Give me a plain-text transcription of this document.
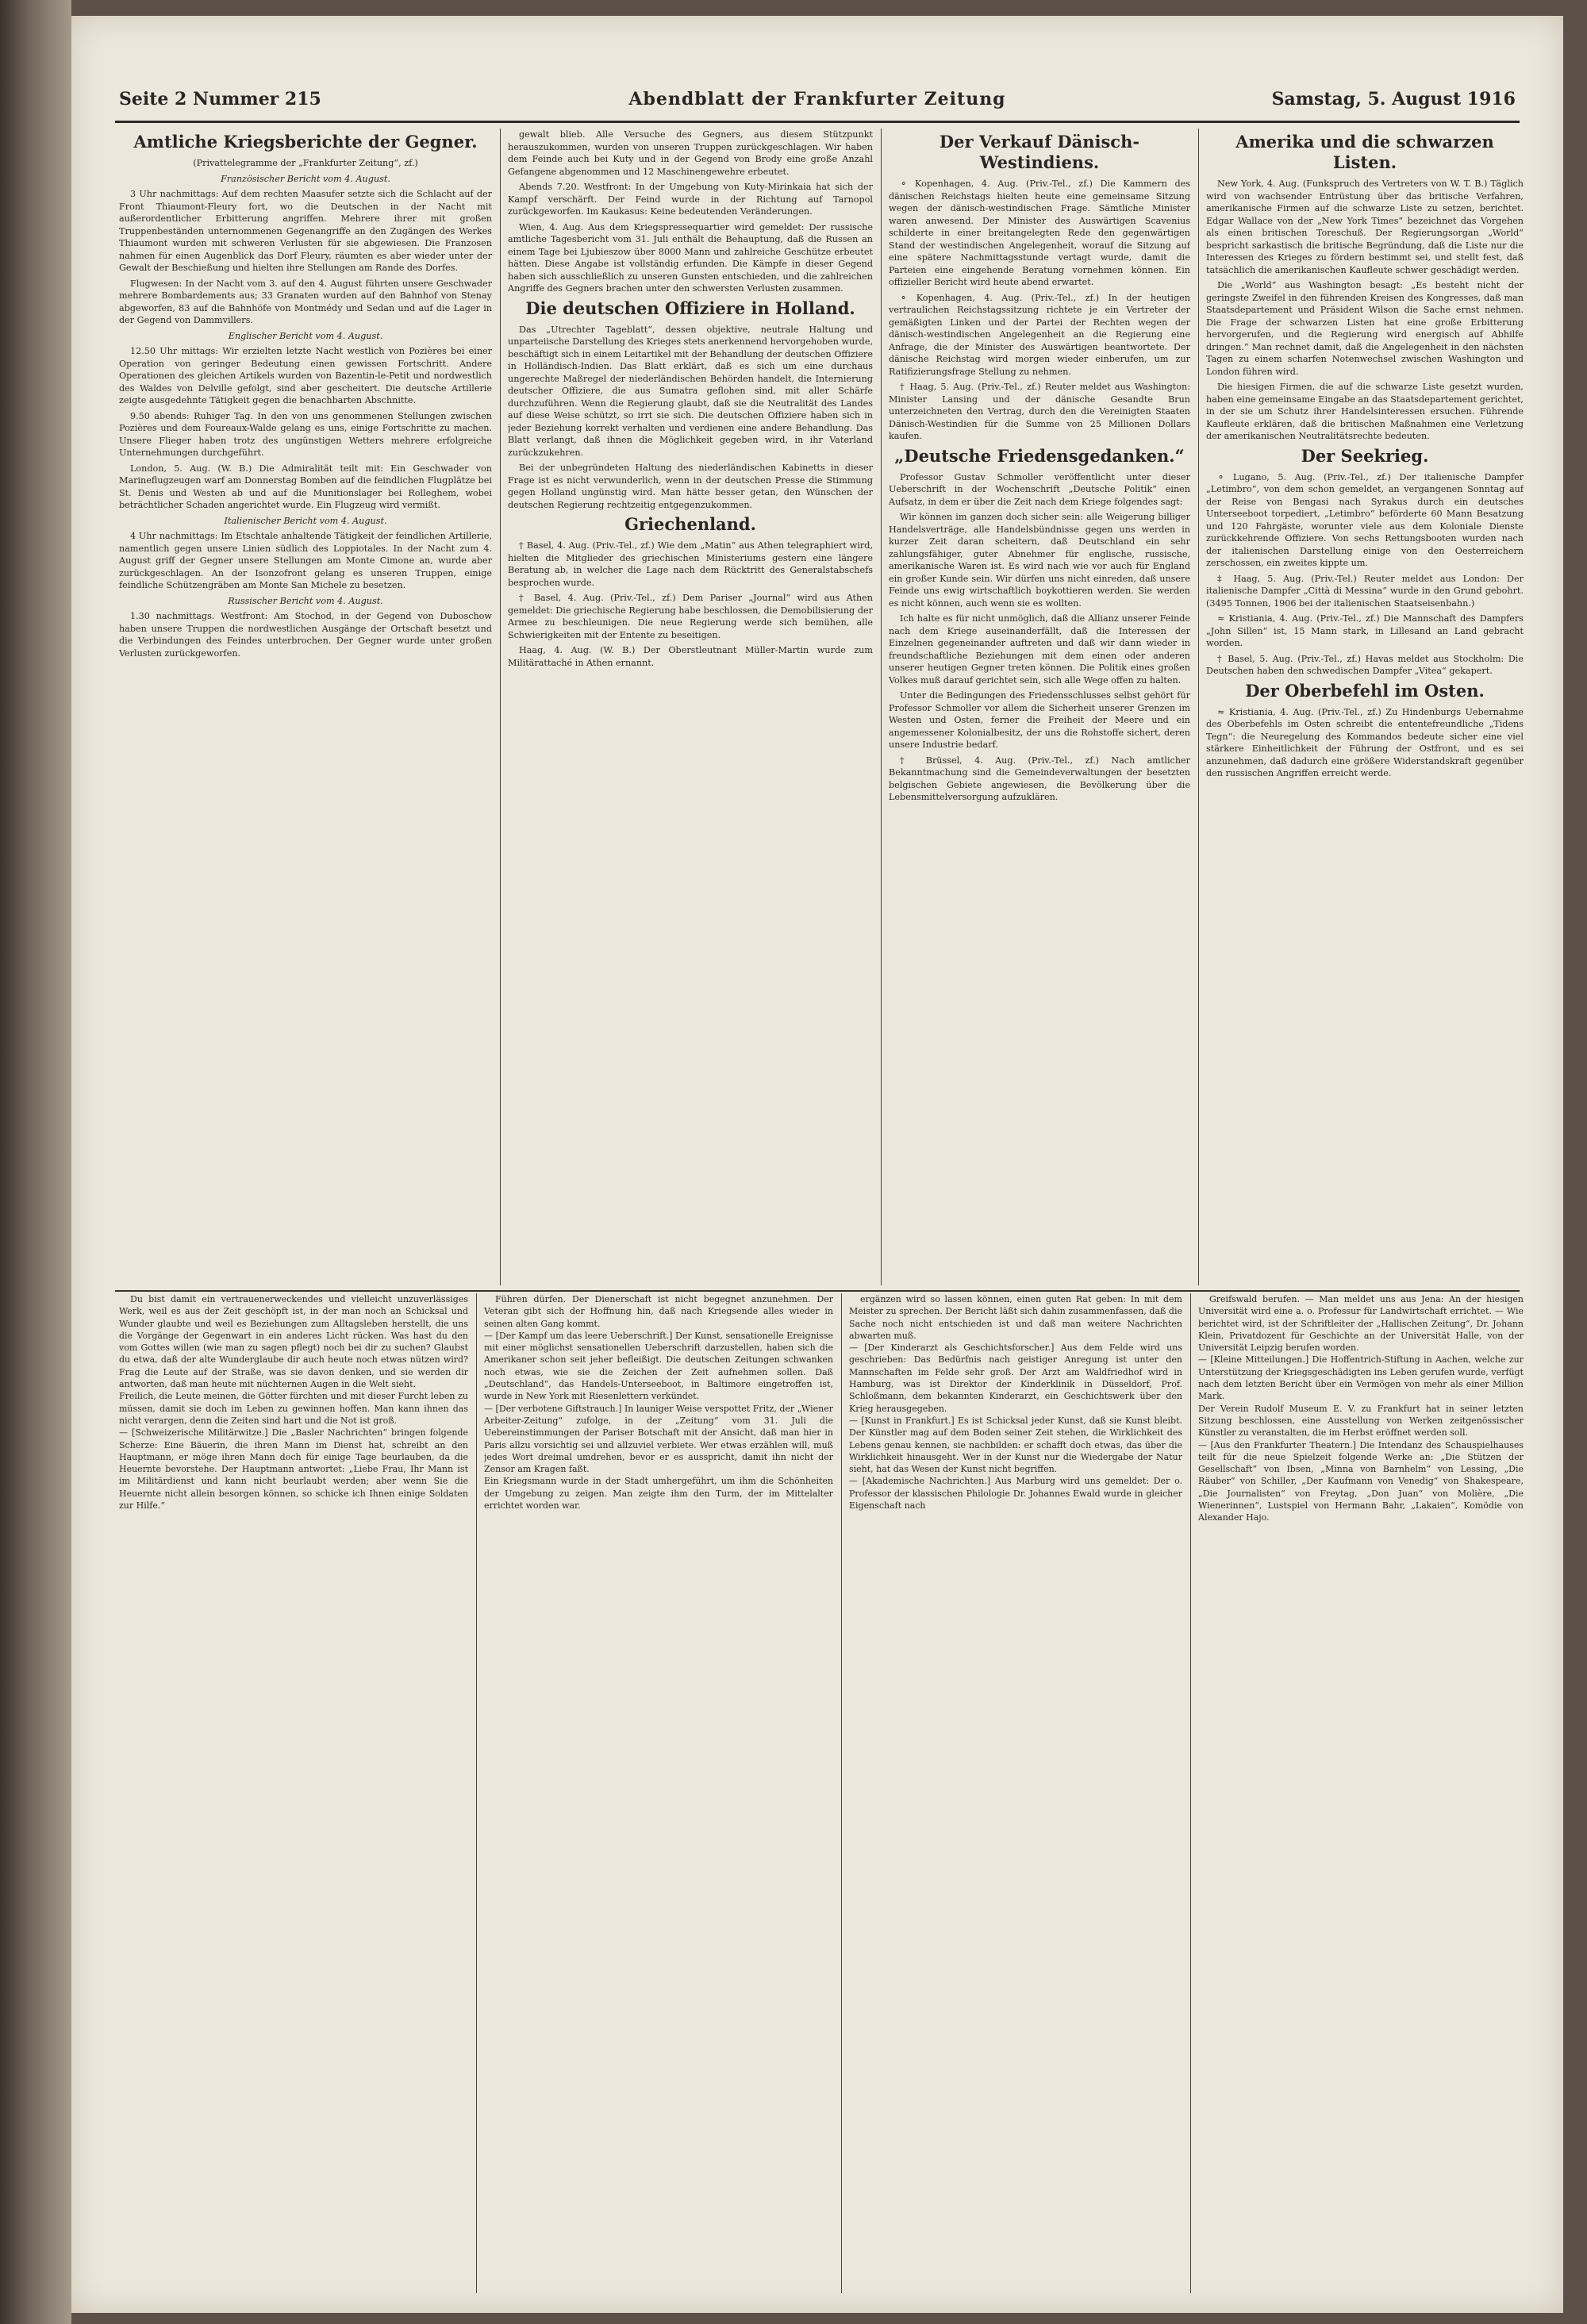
Seite 2 Nummer 215	Abendblatt der Frankfurter Zeitung	Samstag, 5. August 1916
Amtliche Kriegsberichte der Gegner.

(Privattelegramme der „Frankfurter Zeitung“, zf.)

Französischer Bericht vom 4. August.

3 Uhr nachmittags: Auf dem rechten Maasufer setzte sich die Schlacht auf der Front Thiaumont-Fleury fort, wo die Deutschen in der Nacht mit außerordentlicher Erbitterung angriffen. Mehrere ihrer mit großen Truppenbeständen unternommenen Gegenangriffe an den Zugängen des Werkes Thiaumont wurden mit schweren Verlusten für sie abgewiesen. Die Franzosen nahmen für einen Augenblick das Dorf Fleury, räumten es aber wieder unter der Gewalt der Beschießung und hielten ihre Stellungen am Rande des Dorfes.

Flugwesen: In der Nacht vom 3. auf den 4. August führten unsere Geschwader mehrere Bombardements aus; 33 Granaten wurden auf den Bahnhof von Stenay abgeworfen, 83 auf die Bahnhöfe von Montmédy und Sedan und auf die Lager in der Gegend von Dammvillers.

Englischer Bericht vom 4. August.

12.50 Uhr mittags: Wir erzielten letzte Nacht westlich von Pozières bei einer Operation von geringer Bedeutung einen gewissen Fortschritt. Andere Operationen des gleichen Artikels wurden von Bazentin-le-Petit und nordwestlich des Waldes von Delville gefolgt, sind aber gescheitert. Die deutsche Artillerie zeigte ausgedehnte Tätigkeit gegen die benachbarten Abschnitte.

9.50 abends: Ruhiger Tag. In den von uns genommenen Stellungen zwischen Pozières und dem Foureaux-Walde gelang es uns, einige Fortschritte zu machen. Unsere Flieger haben trotz des ungünstigen Wetters mehrere erfolgreiche Unternehmungen durchgeführt.

London, 5. Aug. (W. B.) Die Admiralität teilt mit: Ein Geschwader von Marineflugzeugen warf am Donnerstag Bomben auf die feindlichen Flugplätze bei St. Denis und Westen ab und auf die Munitionslager bei Rolleghem, wobei beträchtlicher Schaden angerichtet wurde. Ein Flugzeug wird vermißt.

Italienischer Bericht vom 4. August.

4 Uhr nachmittags: Im Etschtale anhaltende Tätigkeit der feindlichen Artillerie, namentlich gegen unsere Linien südlich des Loppiotales. In der Nacht zum 4. August griff der Gegner unsere Stellungen am Monte Cimone an, wurde aber zurückgeschlagen. An der Isonzofront gelang es unseren Truppen, einige feindliche Schützengräben am Monte San Michele zu besetzen.

Russischer Bericht vom 4. August.

1.30 nachmittags. Westfront: Am Stochod, in der Gegend von Duboschow haben unsere Truppen die nordwestlichen Ausgänge der Ortschaft besetzt und die Verbindungen des Feindes unterbrochen. Der Gegner wurde unter großen Verlusten zurückgeworfen.

gewalt blieb. Alle Versuche des Gegners, aus diesem Stützpunkt herauszukommen, wurden von unseren Truppen zurückgeschlagen. Wir haben dem Feinde auch bei Kuty und in der Gegend von Brody eine große Anzahl Gefangene abgenommen und 12 Maschinengewehre erbeutet.

Abends 7.20. Westfront: In der Umgebung von Kuty-Mirinkaia hat sich der Kampf verschärft. Der Feind wurde in der Richtung auf Tarnopol zurückgeworfen. Im Kaukasus: Keine bedeutenden Veränderungen.

Wien, 4. Aug. Aus dem Kriegspressequartier wird gemeldet: Der russische amtliche Tagesbericht vom 31. Juli enthält die Behauptung, daß die Russen an einem Tage bei Ljubieszow über 8000 Mann und zahlreiche Geschütze erbeutet hätten. Diese Angabe ist vollständig erfunden. Die Kämpfe in dieser Gegend haben sich ausschließlich zu unseren Gunsten entschieden, und die zahlreichen Angriffe des Gegners brachen unter den schwersten Verlusten zusammen.

Die deutschen Offiziere in Holland.

Das „Utrechter Tageblatt“, dessen objektive, neutrale Haltung und unparteiische Darstellung des Krieges stets anerkennend hervorgehoben wurde, beschäftigt sich in einem Leitartikel mit der Behandlung der deutschen Offiziere in Holländisch-Indien. Das Blatt erklärt, daß es sich um eine durchaus ungerechte Maßregel der niederländischen Behörden handelt, die Internierung deutscher Offiziere, die aus Sumatra geflohen sind, mit aller Schärfe durchzuführen. Wenn die Regierung glaubt, daß sie die Neutralität des Landes auf diese Weise schützt, so irrt sie sich. Die deutschen Offiziere haben sich in jeder Beziehung korrekt verhalten und verdienen eine andere Behandlung. Das Blatt verlangt, daß ihnen die Möglichkeit gegeben wird, in ihr Vaterland zurückzukehren.

Bei der unbegründeten Haltung des niederländischen Kabinetts in dieser Frage ist es nicht verwunderlich, wenn in der deutschen Presse die Stimmung gegen Holland ungünstig wird. Man hätte besser getan, den Wünschen der deutschen Regierung rechtzeitig entgegenzukommen.

Griechenland.

† Basel, 4. Aug. (Priv.-Tel., zf.) Wie dem „Matin“ aus Athen telegraphiert wird, hielten die Mitglieder des griechischen Ministeriums gestern eine längere Beratung ab, in welcher die Lage nach dem Rücktritt des Generalstabschefs besprochen wurde.

† Basel, 4. Aug. (Priv.-Tel., zf.) Dem Pariser „Journal“ wird aus Athen gemeldet: Die griechische Regierung habe beschlossen, die Demobilisierung der Armee zu beschleunigen. Die neue Regierung werde sich bemühen, alle Schwierigkeiten mit der Entente zu beseitigen.

Haag, 4. Aug. (W. B.) Der Oberstleutnant Müller-Martin wurde zum Militärattaché in Athen ernannt.

Der Verkauf Dänisch-Westindiens.

⚬ Kopenhagen, 4. Aug. (Priv.-Tel., zf.) Die Kammern des dänischen Reichstags hielten heute eine gemeinsame Sitzung wegen der dänisch-westindischen Frage. Sämtliche Minister waren anwesend. Der Minister des Auswärtigen Scavenius schilderte in einer breitangelegten Rede den gegenwärtigen Stand der westindischen Angelegenheit, worauf die Sitzung auf eine spätere Nachmittagsstunde vertagt wurde, damit die Parteien eine eingehende Beratung vornehmen können. Ein offizieller Bericht wird heute abend erwartet.

⚬ Kopenhagen, 4. Aug. (Priv.-Tel., zf.) In der heutigen vertraulichen Reichstagssitzung richtete je ein Vertreter der gemäßigten Linken und der Partei der Rechten wegen der dänisch-westindischen Angelegenheit an die Regierung eine Anfrage, die der Minister des Auswärtigen beantwortete. Der dänische Reichstag wird morgen wieder einberufen, um zur Ratifizierungsfrage Stellung zu nehmen.

† Haag, 5. Aug. (Priv.-Tel., zf.) Reuter meldet aus Washington: Minister Lansing und der dänische Gesandte Brun unterzeichneten den Vertrag, durch den die Vereinigten Staaten Dänisch-Westindien für die Summe von 25 Millionen Dollars kaufen.

„Deutsche Friedensgedanken.“

Professor Gustav Schmoller veröffentlicht unter dieser Ueberschrift in der Wochenschrift „Deutsche Politik“ einen Aufsatz, in dem er über die Zeit nach dem Kriege folgendes sagt:

Wir können im ganzen doch sicher sein: alle Weigerung billiger Handelsverträge, alle Handelsbündnisse gegen uns werden in kurzer Zeit daran scheitern, daß Deutschland ein sehr zahlungsfähiger, guter Abnehmer für englische, russische, amerikanische Waren ist. Es wird nach wie vor auch für England ein großer Kunde sein. Wir dürfen uns nicht einreden, daß unsere Feinde uns ewig wirtschaftlich boykottieren werden. Sie werden es nicht können, auch wenn sie es wollten.

Ich halte es für nicht unmöglich, daß die Allianz unserer Feinde nach dem Kriege auseinanderfällt, daß die Interessen der Einzelnen gegeneinander auftreten und daß wir dann wieder in freundschaftliche Beziehungen mit dem einen oder anderen unserer heutigen Gegner treten können. Die Politik eines großen Volkes muß darauf gerichtet sein, sich alle Wege offen zu halten.

Unter die Bedingungen des Friedensschlusses selbst gehört für Professor Schmoller vor allem die Sicherheit unserer Grenzen im Westen und Osten, ferner die Freiheit der Meere und ein angemessener Kolonialbesitz, der uns die Rohstoffe sichert, deren unsere Industrie bedarf.

† Brüssel, 4. Aug. (Priv.-Tel., zf.) Nach amtlicher Bekanntmachung sind die Gemeindeverwaltungen der besetzten belgischen Gebiete angewiesen, die Bevölkerung über die Lebensmittelversorgung aufzuklären.

Amerika und die schwarzen Listen.

New York, 4. Aug. (Funkspruch des Vertreters von W. T. B.) Täglich wird von wachsender Entrüstung über das britische Verfahren, amerikanische Firmen auf die schwarze Liste zu setzen, berichtet. Edgar Wallace von der „New York Times“ bezeichnet das Vorgehen als einen britischen Toreschuß. Der Regierungsorgan „World“ bespricht sarkastisch die britische Begründung, daß die Liste nur die Interessen des Krieges zu fördern bestimmt sei, und stellt fest, daß tatsächlich die amerikanischen Kaufleute schwer geschädigt werden.

Die „World“ aus Washington besagt: „Es besteht nicht der geringste Zweifel in den führenden Kreisen des Kongresses, daß man Staatsdepartement und Präsident Wilson die Sache ernst nehmen. Die Frage der schwarzen Listen hat eine große Erbitterung hervorgerufen, und die Regierung wird energisch auf Abhilfe dringen.“ Man rechnet damit, daß die Angelegenheit in den nächsten Tagen zu einem scharfen Notenwechsel zwischen Washington und London führen wird.

Die hiesigen Firmen, die auf die schwarze Liste gesetzt wurden, haben eine gemeinsame Eingabe an das Staatsdepartement gerichtet, in der sie um Schutz ihrer Handelsinteressen ersuchen. Führende Kaufleute erklären, daß die britischen Maßnahmen eine Verletzung der amerikanischen Neutralitätsrechte bedeuten.

Der Seekrieg.

⚬ Lugano, 5. Aug. (Priv.-Tel., zf.) Der italienische Dampfer „Letimbro“, von dem schon gemeldet, an vergangenen Sonntag auf der Reise von Bengasi nach Syrakus durch ein deutsches Unterseeboot torpediert, „Letimbro“ beförderte 60 Mann Besatzung und 120 Fahrgäste, worunter viele aus dem Koloniale Dienste zurückkehrende Offiziere. Von sechs Rettungsbooten wurden nach der italienischen Darstellung einige von den Oesterreichern zerschossen, ein zweites kippte um.

‡ Haag, 5. Aug. (Priv.-Tel.) Reuter meldet aus London: Der italienische Dampfer „Città di Messina“ wurde in den Grund gebohrt. (3495 Tonnen, 1906 bei der italienischen Staatseisenbahn.)

≈ Kristiania, 4. Aug. (Priv.-Tel., zf.) Die Mannschaft des Dampfers „John Sillen“ ist, 15 Mann stark, in Lillesand an Land gebracht worden.

† Basel, 5. Aug. (Priv.-Tel., zf.) Havas meldet aus Stockholm: Die Deutschen haben den schwedischen Dampfer „Vitea“ gekapert.

Der Oberbefehl im Osten.

≈ Kristiania, 4. Aug. (Priv.-Tel., zf.) Zu Hindenburgs Uebernahme des Oberbefehls im Osten schreibt die ententefreundliche „Tidens Tegn“: die Neuregelung des Kommandos bedeute sicher eine viel stärkere Einheitlichkeit der Führung der Ostfront, und es sei anzunehmen, daß dadurch eine größere Widerstandskraft gegenüber den russischen Angriffen erreicht werde.

Du bist damit ein vertrauenerweckendes und vielleicht unzuverlässiges Werk, weil es aus der Zeit geschöpft ist, in der man noch an Schicksal und Wunder glaubte und weil es Beziehungen zum Alltagsleben herstellt, die uns die Vorgänge der Gegenwart in ein anderes Licht rücken. Was hast du den vom Gottes willen (wie man zu sagen pflegt) noch bei dir zu suchen? Glaubst du etwa, daß der alte Wunderglaube dir auch heute noch etwas nützen wird? Frag die Leute auf der Straße, was sie davon denken, und sie werden dir antworten, daß man heute mit nüchternen Augen in die Welt sieht.
Freilich, die Leute meinen, die Götter fürchten und mit dieser Furcht leben zu müssen, damit sie doch im Leben zu gewinnen hoffen. Man kann ihnen das nicht verargen, denn die Zeiten sind hart und die Not ist groß.
— [Schweizerische Militärwitze.] Die „Basler Nachrichten“ bringen folgende Scherze: Eine Bäuerin, die ihren Mann im Dienst hat, schreibt an den Hauptmann, er möge ihren Mann doch für einige Tage beurlauben, da die Heuernte bevorstehe. Der Hauptmann antwortet: „Liebe Frau, Ihr Mann ist im Militärdienst und kann nicht beurlaubt werden; aber wenn Sie die Heuernte nicht allein besorgen können, so schicke ich Ihnen einige Soldaten zur Hilfe.“

Führen dürfen. Der Dienerschaft ist nicht begegnet anzunehmen. Der Veteran gibt sich der Hoffnung hin, daß nach Kriegsende alles wieder in seinen alten Gang kommt.
— [Der Kampf um das leere Ueberschrift.] Der Kunst, sensationelle Ereignisse mit einer möglichst sensationellen Ueberschrift darzustellen, haben sich die Amerikaner schon seit jeher befleißigt. Die deutschen Zeitungen schwanken noch etwas, wie sie die Zeichen der Zeit aufnehmen sollen. Daß „Deutschland“, das Handels-Unterseeboot, in Baltimore eingetroffen ist, wurde in New York mit Riesenlettern verkündet.
— [Der verbotene Giftstrauch.] In launiger Weise verspottet Fritz, der „Wiener Arbeiter-Zeitung“ zufolge, in der „Zeitung“ vom 31. Juli die Uebereinstimmungen der Pariser Botschaft mit der Ansicht, daß man hier in Paris allzu vorsichtig sei und allzuviel verbiete. Wer etwas erzählen will, muß jedes Wort dreimal umdrehen, bevor er es ausspricht, damit ihn nicht der Zensor am Kragen faßt.
Ein Kriegsmann wurde in der Stadt umhergeführt, um ihm die Schönheiten der Umgebung zu zeigen. Man zeigte ihm den Turm, der im Mittelalter errichtet worden war.

ergänzen wird so lassen können, einen guten Rat geben: In mit dem Meister zu sprechen. Der Bericht läßt sich dahin zusammenfassen, daß die Sache noch nicht entschieden ist und daß man weitere Nachrichten abwarten muß.
— [Der Kinderarzt als Geschichtsforscher.] Aus dem Felde wird uns geschrieben: Das Bedürfnis nach geistiger Anregung ist unter den Mannschaften im Felde sehr groß. Der Arzt am Waldfriedhof wird in Hamburg, was ist Direktor der Kinderklinik in Düsseldorf, Prof. Schloßmann, dem bekannten Kinderarzt, ein Geschichtswerk über den Krieg herausgegeben.
— [Kunst in Frankfurt.] Es ist Schicksal jeder Kunst, daß sie Kunst bleibt. Der Künstler mag auf dem Boden seiner Zeit stehen, die Wirklichkeit des Lebens genau kennen, sie nachbilden: er schafft doch etwas, das über die Wirklichkeit hinausgeht. Wer in der Kunst nur die Wiedergabe der Natur sieht, hat das Wesen der Kunst nicht begriffen.
— [Akademische Nachrichten.] Aus Marburg wird uns gemeldet: Der o. Professor der klassischen Philologie Dr. Johannes Ewald wurde in gleicher Eigenschaft nach

Greifswald berufen. — Man meldet uns aus Jena: An der hiesigen Universität wird eine a. o. Professur für Landwirtschaft errichtet. — Wie berichtet wird, ist der Schriftleiter der „Hallischen Zeitung“, Dr. Johann Klein, Privatdozent für Geschichte an der Universität Halle, von der Universität Leipzig berufen worden.
— [Kleine Mitteilungen.] Die Hoffentrich-Stiftung in Aachen, welche zur Unterstützung der Kriegsgeschädigten ins Leben gerufen wurde, verfügt nach dem letzten Bericht über ein Vermögen von mehr als einer Million Mark.
Der Verein Rudolf Museum E. V. zu Frankfurt hat in seiner letzten Sitzung beschlossen, eine Ausstellung von Werken zeitgenössischer Künstler zu veranstalten, die im Herbst eröffnet werden soll.
— [Aus den Frankfurter Theatern.] Die Intendanz des Schauspielhauses teilt für die neue Spielzeit folgende Werke an: „Die Stützen der Gesellschaft“ von Ibsen, „Minna von Barnhelm“ von Lessing, „Die Räuber“ von Schiller, „Der Kaufmann von Venedig“ von Shakespeare, „Die Journalisten“ von Freytag, „Don Juan“ von Molière, „Die Wienerinnen“, Lustspiel von Hermann Bahr, „Lakaien“, Komödie von Alexander Hajo.
